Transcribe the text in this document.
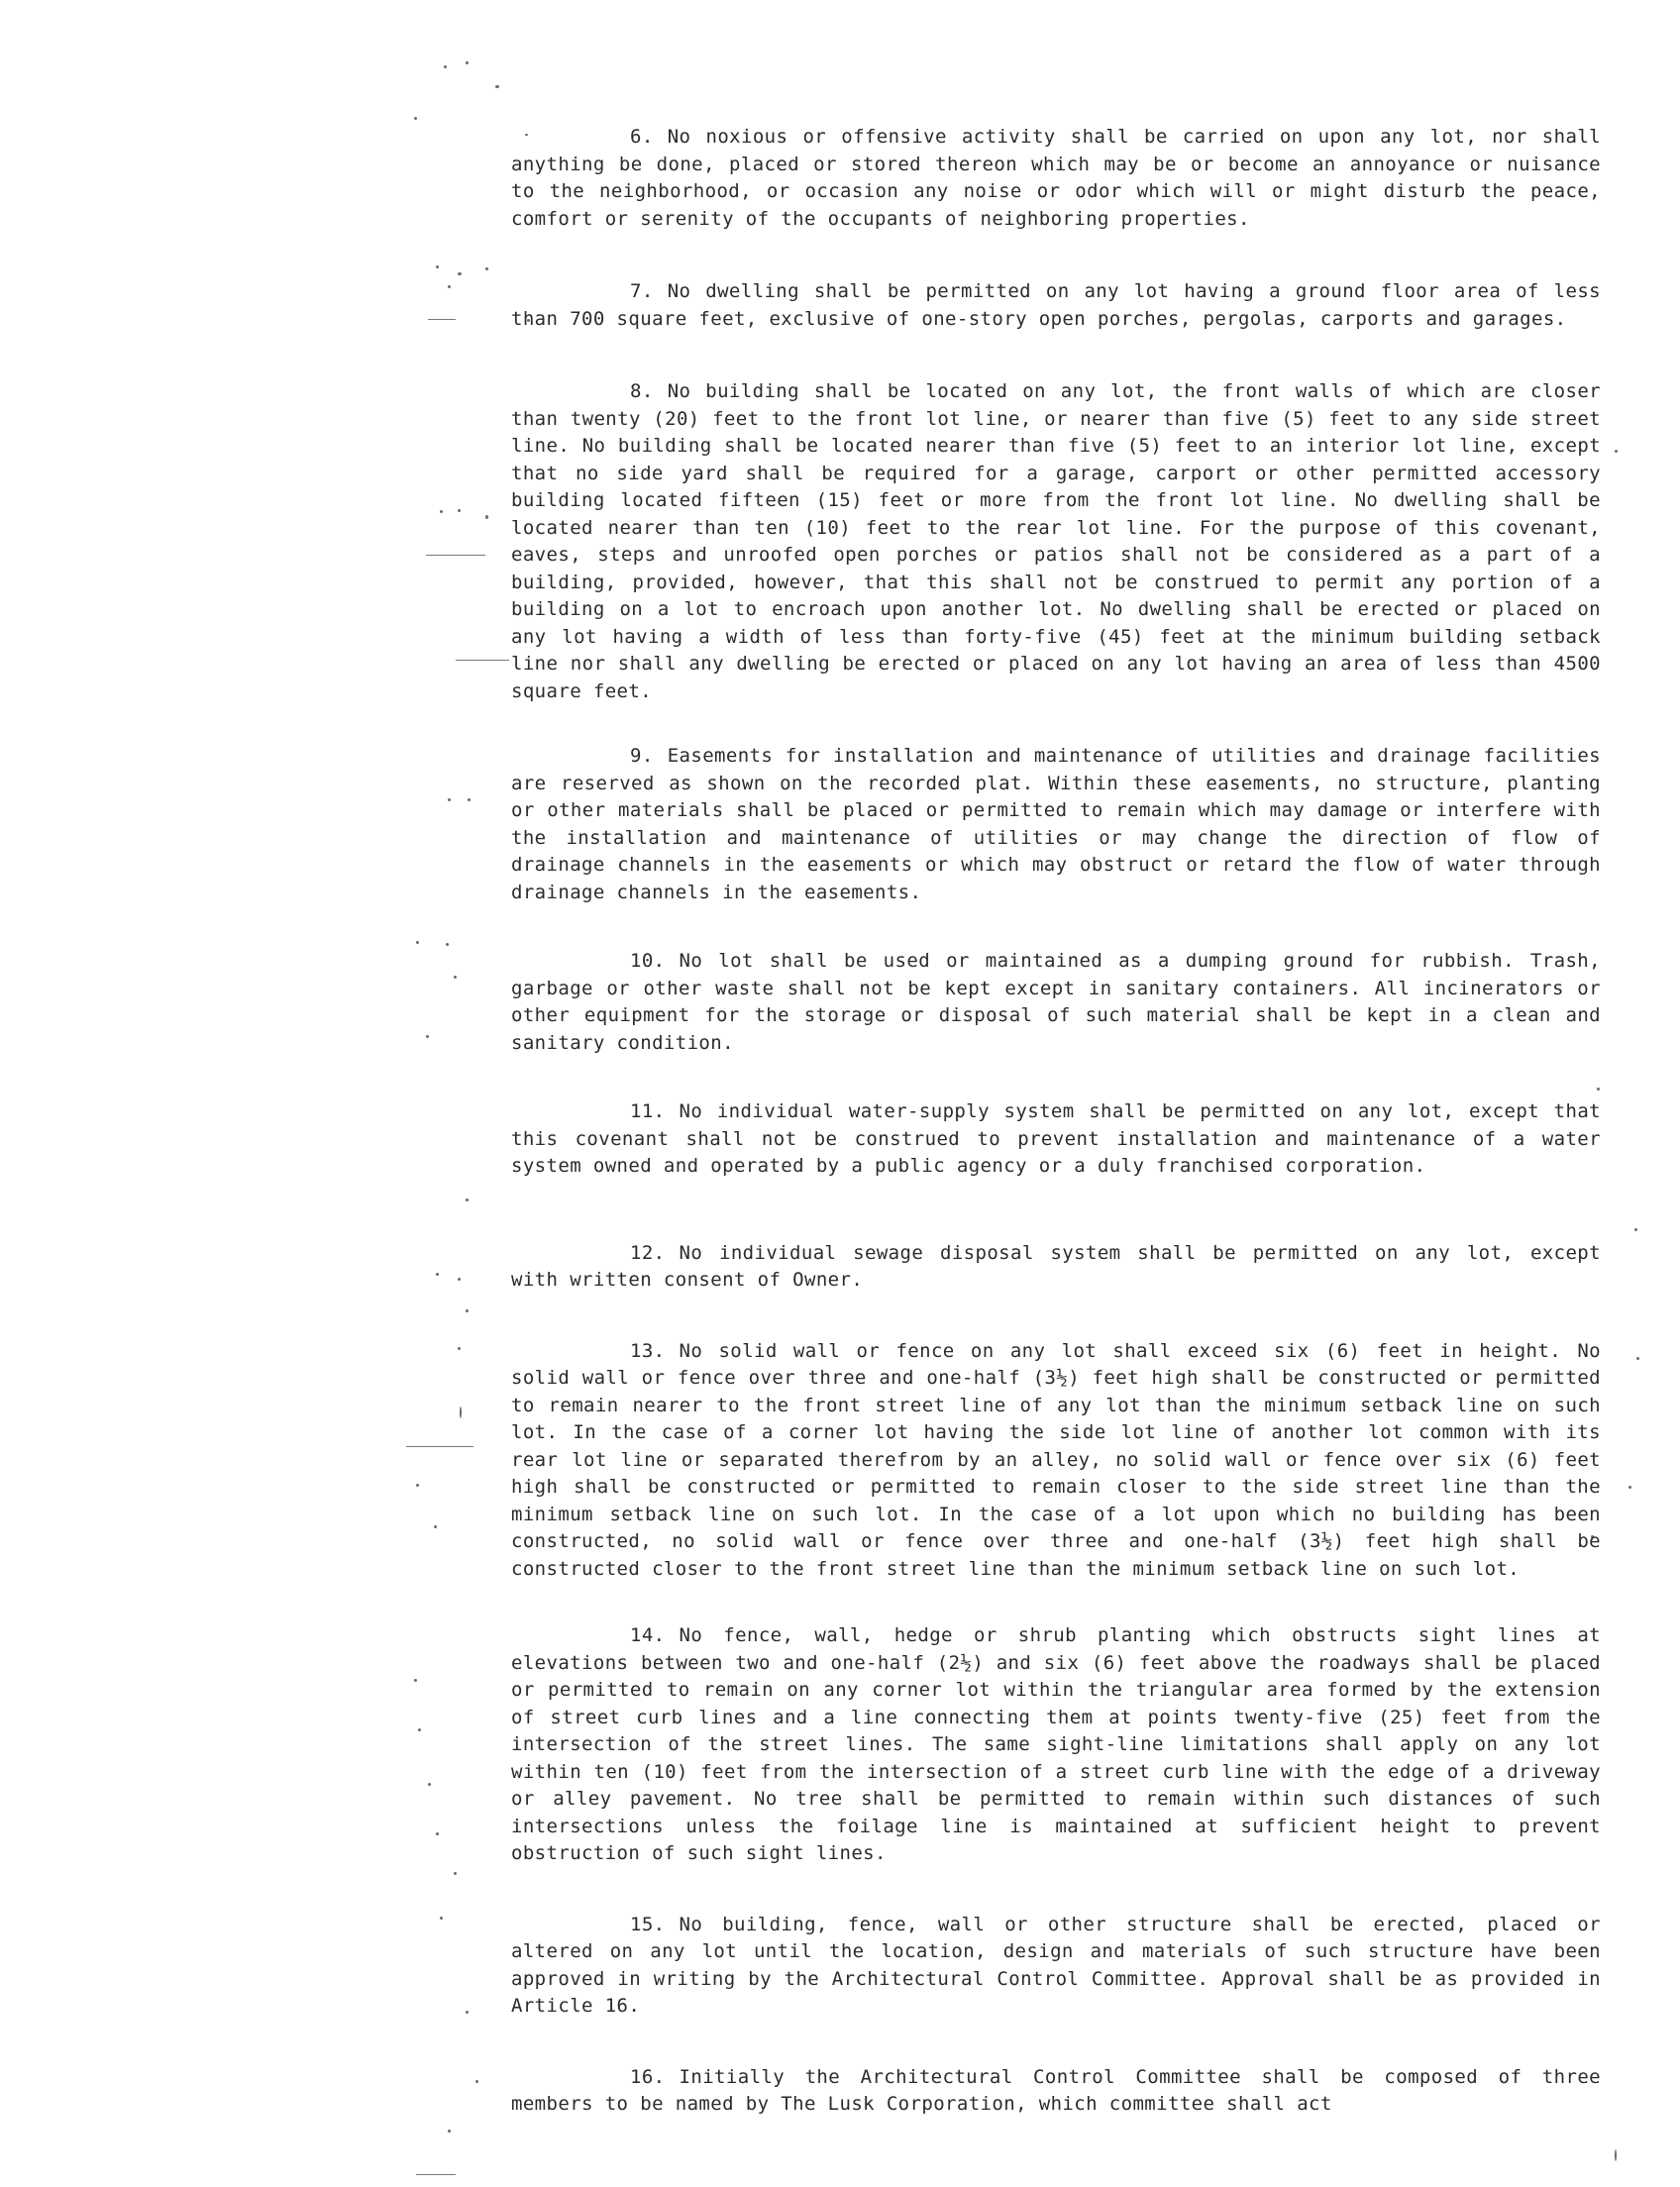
6. No noxious or offensive activity shall be carried on upon any lot, nor shall anything be done, placed or stored thereon which may be or become an annoyance or nuisance to the neighborhood, or occasion any noise or odor which will or might disturb the peace, comfort or serenity of the occupants of neighboring properties.

7. No dwelling shall be permitted on any lot having a ground floor area of less than 700 square feet, exclusive of one-story open porches, pergolas, carports and garages.

8. No building shall be located on any lot, the front walls of which are closer than twenty (20) feet to the front lot line, or nearer than five (5) feet to any side street line. No building shall be located nearer than five (5) feet to an interior lot line, except that no side yard shall be required for a garage, carport or other permitted accessory building located fifteen (15) feet or more from the front lot line. No dwelling shall be located nearer than ten (10) feet to the rear lot line. For the purpose of this covenant, eaves, steps and unroofed open porches or patios shall not be considered as a part of a building, provided, however, that this shall not be construed to permit any portion of a building on a lot to encroach upon another lot. No dwelling shall be erected or placed on any lot having a width of less than forty-five (45) feet at the minimum building setback line nor shall any dwelling be erected or placed on any lot having an area of less than 4500 square feet.

9. Easements for installation and maintenance of utilities and drainage facilities are reserved as shown on the recorded plat. Within these easements, no structure, planting or other materials shall be placed or permitted to remain which may damage or interfere with the installation and maintenance of utilities or may change the direction of flow of drainage channels in the easements or which may obstruct or retard the flow of water through drainage channels in the easements.

10. No lot shall be used or maintained as a dumping ground for rubbish. Trash, garbage or other waste shall not be kept except in sanitary containers. All incinerators or other equipment for the storage or disposal of such material shall be kept in a clean and sanitary condition.

11. No individual water-supply system shall be permitted on any lot, except that this covenant shall not be construed to prevent installation and maintenance of a water system owned and operated by a public agency or a duly franchised corporation.

12. No individual sewage disposal system shall be permitted on any lot, except with written consent of Owner.

13. No solid wall or fence on any lot shall exceed six (6) feet in height. No solid wall or fence over three and one-half (3½) feet high shall be constructed or permitted to remain nearer to the front street line of any lot than the minimum setback line on such lot. In the case of a corner lot having the side lot line of another lot common with its rear lot line or separated therefrom by an alley, no solid wall or fence over six (6) feet high shall be constructed or permitted to remain closer to the side street line than the minimum setback line on such lot. In the case of a lot upon which no building has been constructed, no solid wall or fence over three and one-half (3½) feet high shall be constructed closer to the front street line than the minimum setback line on such lot.

14. No fence, wall, hedge or shrub planting which obstructs sight lines at elevations between two and one-half (2½) and six (6) feet above the roadways shall be placed or permitted to remain on any corner lot within the triangular area formed by the extension of street curb lines and a line connecting them at points twenty-five (25) feet from the intersection of the street lines. The same sight-line limitations shall apply on any lot within ten (10) feet from the intersection of a street curb line with the edge of a driveway or alley pavement. No tree shall be permitted to remain within such distances of such intersections unless the foilage line is maintained at sufficient height to prevent obstruction of such sight lines.

15. No building, fence, wall or other structure shall be erected, placed or altered on any lot until the location, design and materials of such structure have been approved in writing by the Architectural Control Committee. Approval shall be as provided in Article 16.

16. Initially the Architectural Control Committee shall be composed of three members to be named by The Lusk Corporation, which committee shall act
